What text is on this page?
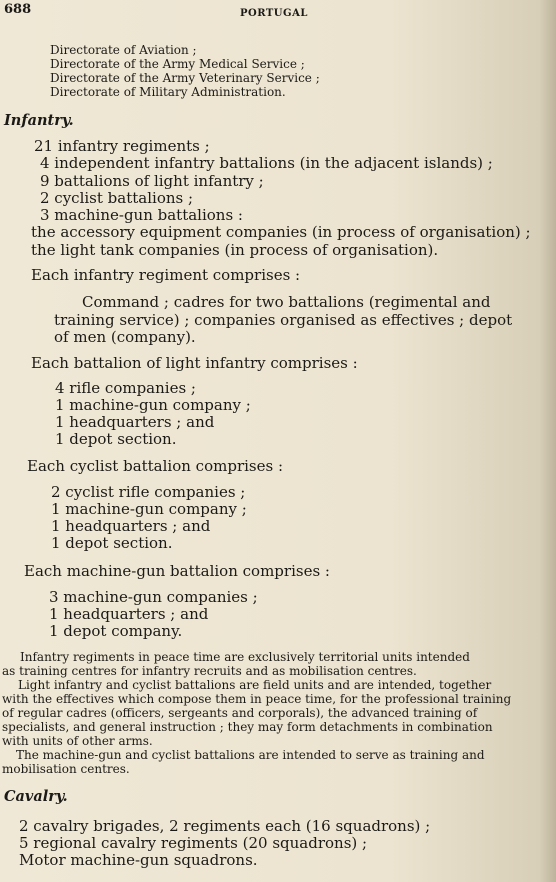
688	PORTUGAL
Directorate of Aviation ;
Directorate of the Army Medical Service ;
Directorate of the Army Veterinary Service ;
Directorate of Military Administration.
Infantry.
21 infantry regiments ;
4 independent infantry battalions (in the adjacent islands) ;
9 battalions of light infantry ;
2 cyclist battalions ;
3 machine-gun battalions :
the accessory equipment companies (in process of organisation) ;
the light tank companies (in process of organisation).
Each infantry regiment comprises :
Command ; cadres for two battalions (regimental and
training service) ; companies organised as effectives ; depot
of men (company).
Each battalion of light infantry comprises :
4 rifle companies ;
1 machine-gun company ;
1 headquarters ; and
1 depot section.
Each cyclist battalion comprises :
2 cyclist rifle companies ;
1 machine-gun company ;
1 headquarters ; and
1 depot section.
Each machine-gun battalion comprises :
3 machine-gun companies ;
1 headquarters ; and
1 depot company.
Infantry regiments in peace time are exclusively territorial units intended
as training centres for infantry recruits and as mobilisation centres.
Light infantry and cyclist battalions are field units and are intended, together
with the effectives which compose them in peace time, for the professional training
of regular cadres (officers, sergeants and corporals), the advanced training of
specialists, and general instruction ; they may form detachments in combination
with units of other arms.
The machine-gun and cyclist battalions are intended to serve as training and
mobilisation centres.
Cavalry.
2 cavalry brigades, 2 regiments each (16 squadrons) ;
5 regional cavalry regiments (20 squadrons) ;
Motor machine-gun squadrons.
